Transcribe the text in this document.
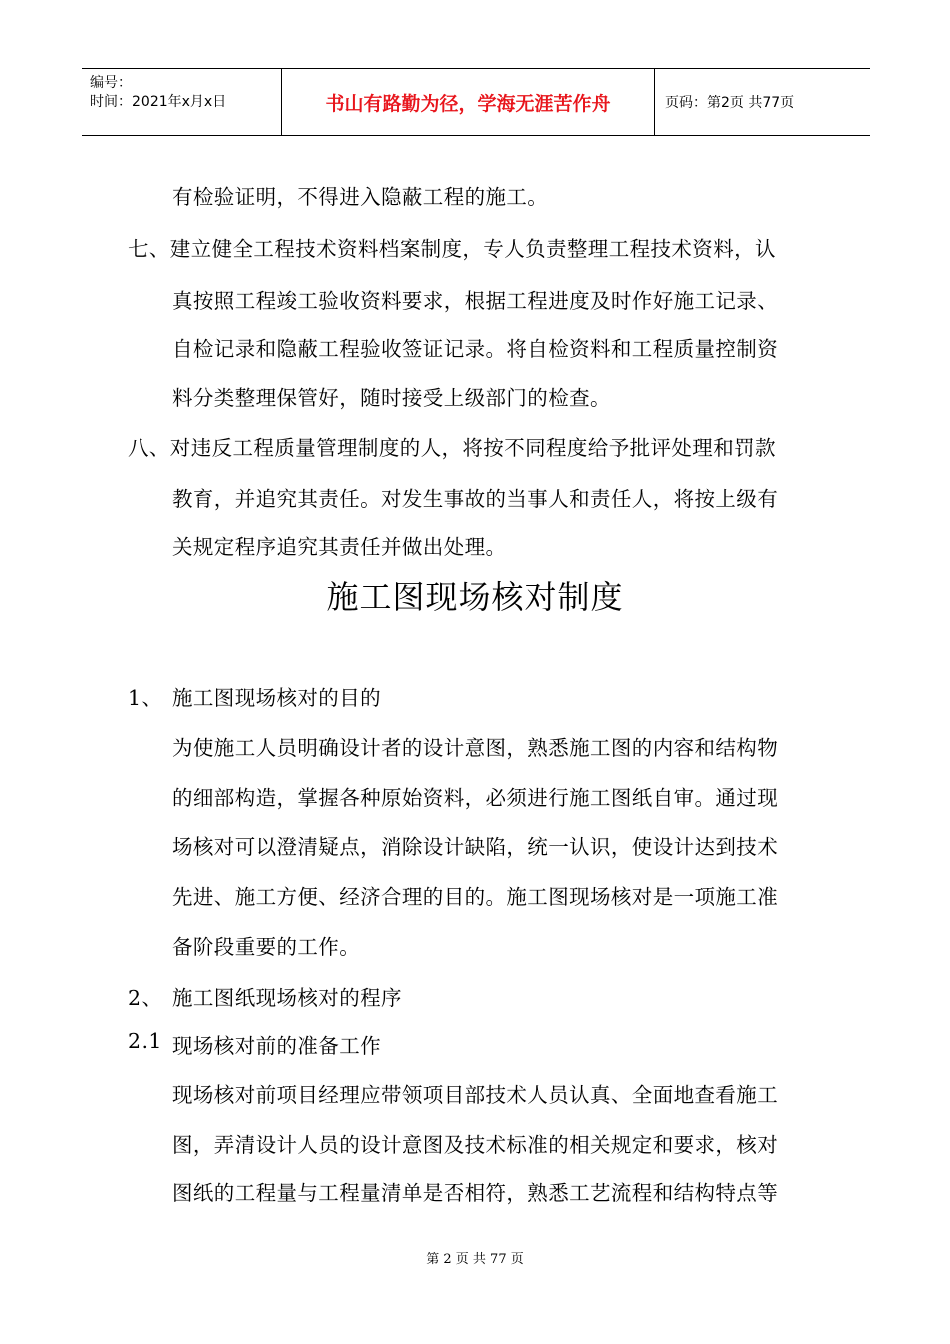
编号：
时间：2021年x月x日	书山有路勤为径，学海无涯苦作舟	页码：第2页 共77页
有检验证明，不得进入隐蔽工程的施工。
七、建立健全工程技术资料档案制度，专人负责整理工程技术资料，认
真按照工程竣工验收资料要求，根据工程进度及时作好施工记录、
自检记录和隐蔽工程验收签证记录。将自检资料和工程质量控制资
料分类整理保管好，随时接受上级部门的检查。
八、对违反工程质量管理制度的人，将按不同程度给予批评处理和罚款
教育，并追究其责任。对发生事故的当事人和责任人，将按上级有
关规定程序追究其责任并做出处理。
施工图现场核对制度
1、 施工图现场核对的目的
为使施工人员明确设计者的设计意图，熟悉施工图的内容和结构物
的细部构造，掌握各种原始资料，必须进行施工图纸自审。通过现
场核对可以澄清疑点，消除设计缺陷，统一认识，使设计达到技术
先进、施工方便、经济合理的目的。施工图现场核对是一项施工准
备阶段重要的工作。
2、 施工图纸现场核对的程序
2.1 现场核对前的准备工作
现场核对前项目经理应带领项目部技术人员认真、全面地查看施工
图，弄清设计人员的设计意图及技术标准的相关规定和要求，核对
图纸的工程量与工程量清单是否相符，熟悉工艺流程和结构特点等
第 2 页 共 77 页
